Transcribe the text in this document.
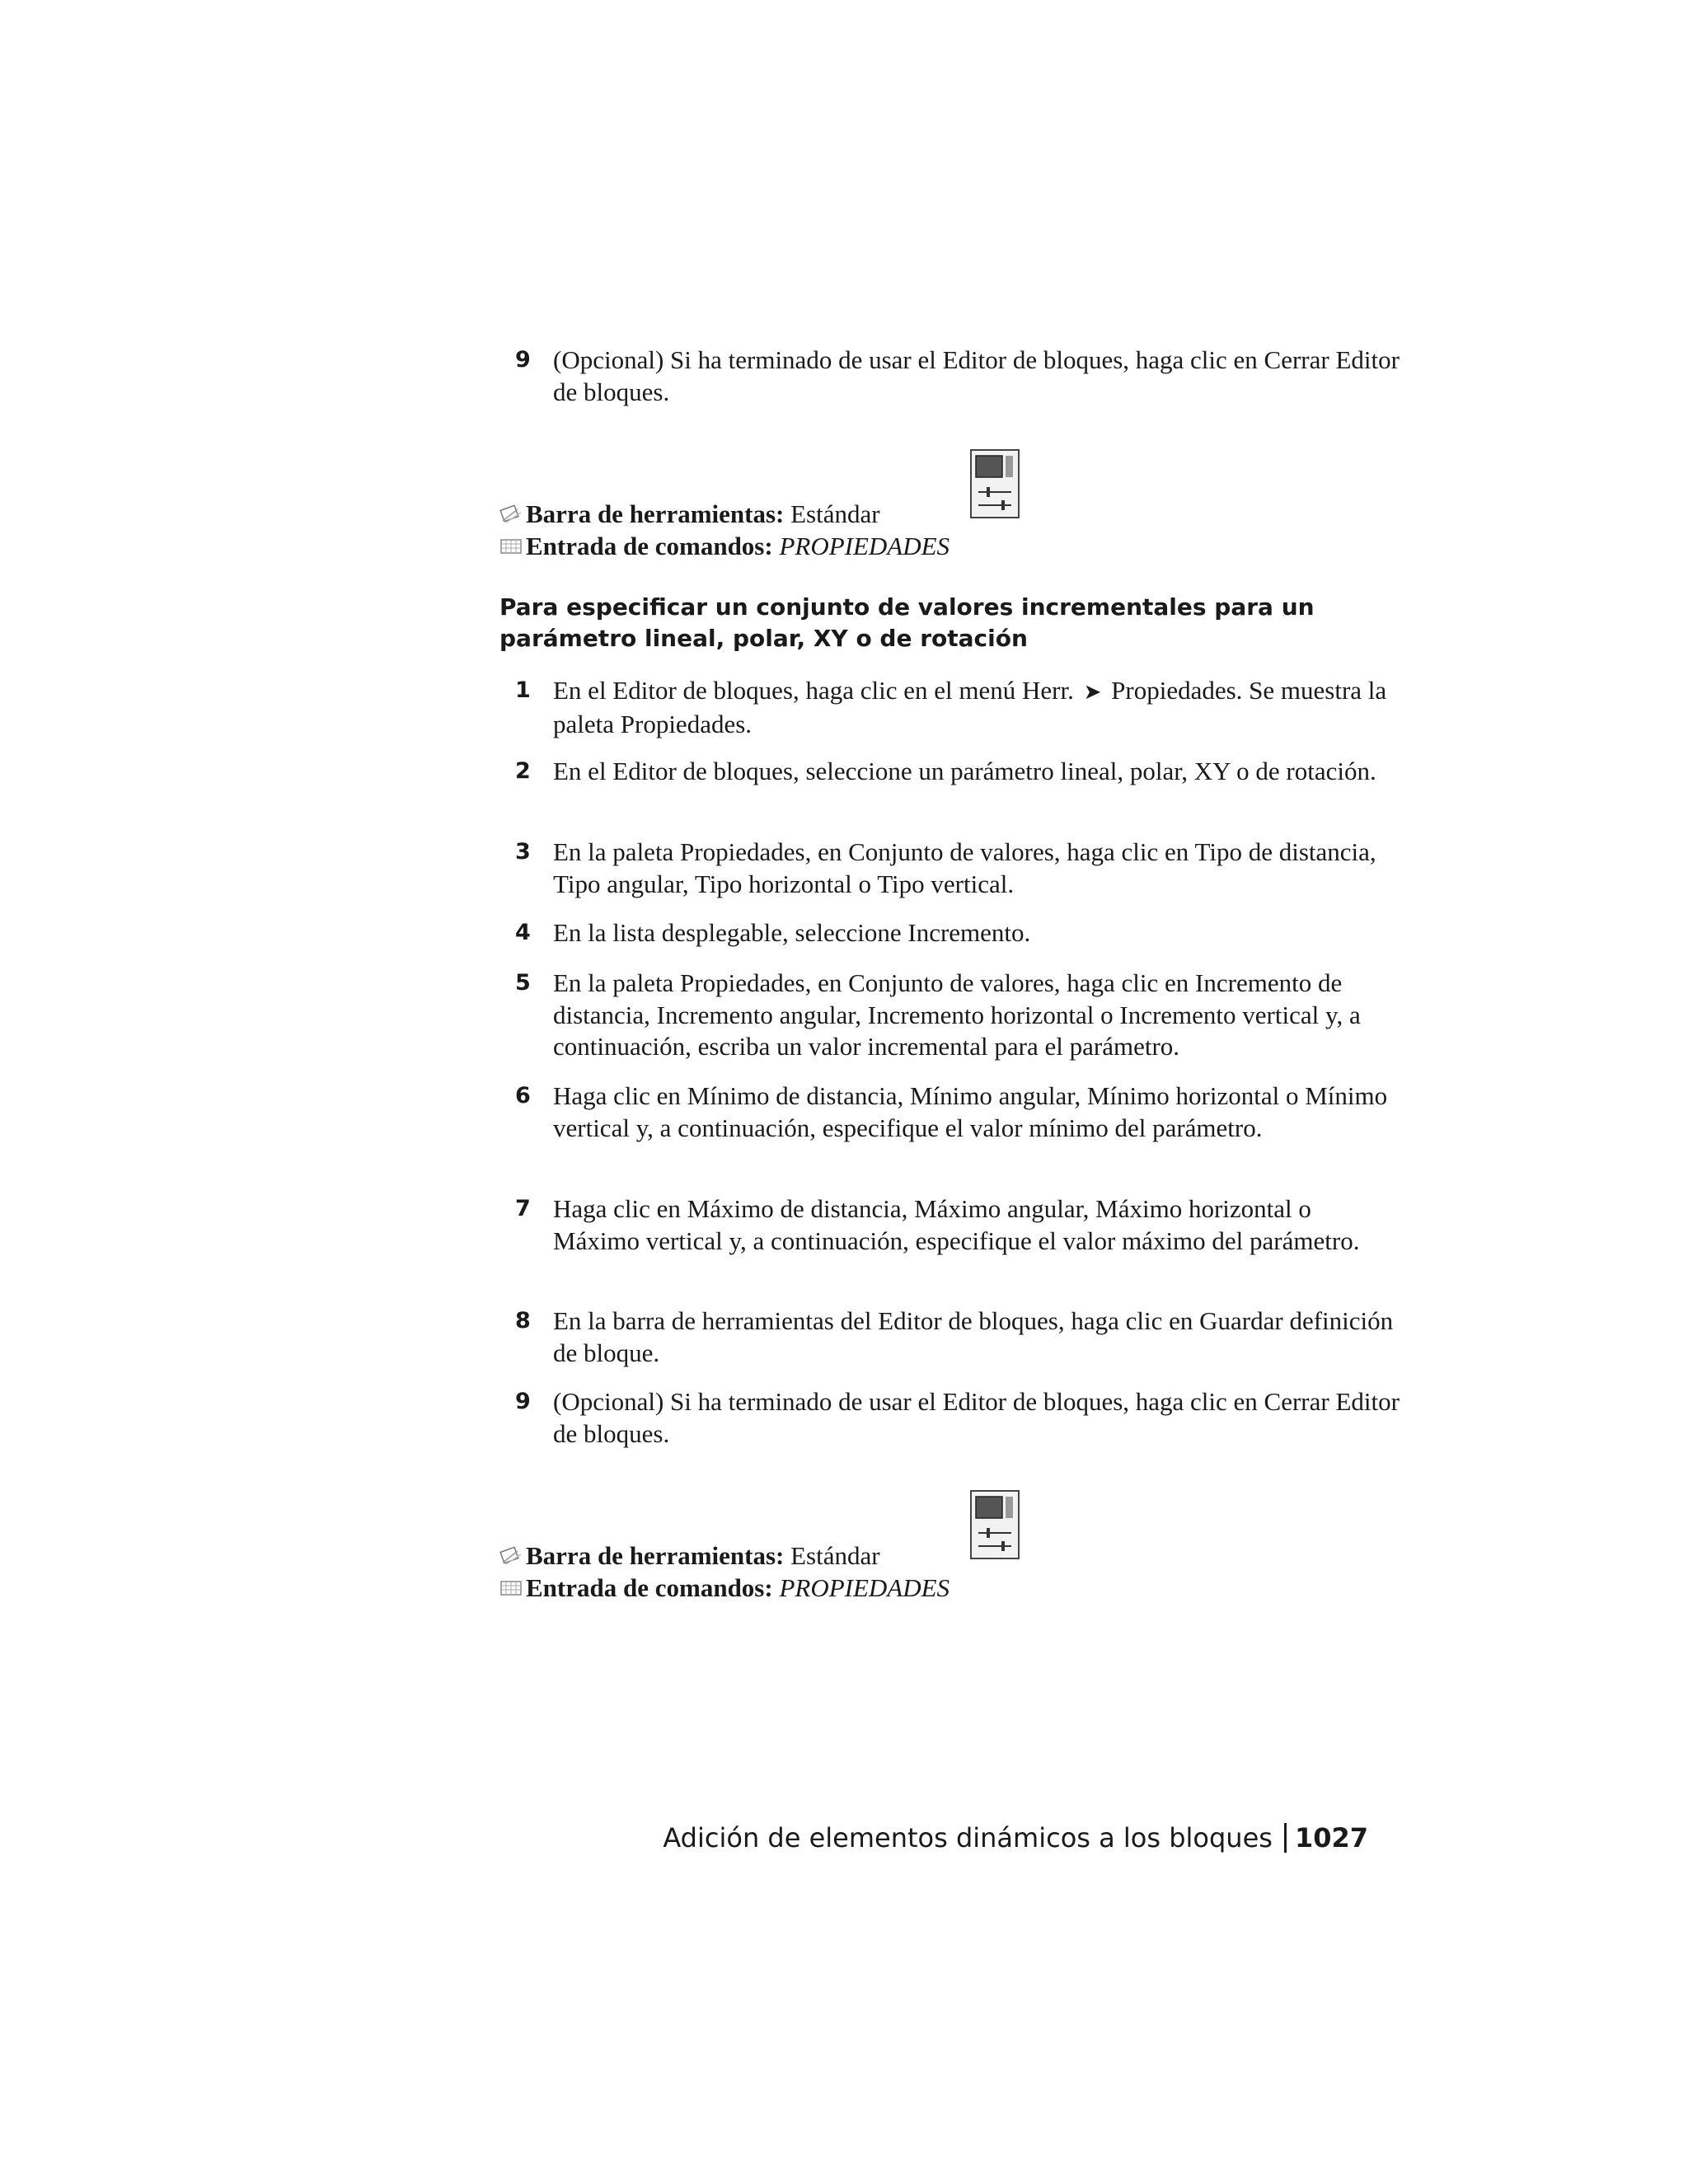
9 (Opcional) Si ha terminado de usar el Editor de bloques, haga clic en Cerrar Editor de bloques.
Barra de herramientas: Estándar
Entrada de comandos: PROPIEDADES
Para especificar un conjunto de valores incrementales para un parámetro lineal, polar, XY o de rotación
1 En el Editor de bloques, haga clic en el menú Herr. ➤ Propiedades. Se muestra la paleta Propiedades.
2 En el Editor de bloques, seleccione un parámetro lineal, polar, XY o de rotación.
3 En la paleta Propiedades, en Conjunto de valores, haga clic en Tipo de distancia, Tipo angular, Tipo horizontal o Tipo vertical.
4 En la lista desplegable, seleccione Incremento.
5 En la paleta Propiedades, en Conjunto de valores, haga clic en Incremento de distancia, Incremento angular, Incremento horizontal o Incremento vertical y, a continuación, escriba un valor incremental para el parámetro.
6 Haga clic en Mínimo de distancia, Mínimo angular, Mínimo horizontal o Mínimo vertical y, a continuación, especifique el valor mínimo del parámetro.
7 Haga clic en Máximo de distancia, Máximo angular, Máximo horizontal o Máximo vertical y, a continuación, especifique el valor máximo del parámetro.
8 En la barra de herramientas del Editor de bloques, haga clic en Guardar definición de bloque.
9 (Opcional) Si ha terminado de usar el Editor de bloques, haga clic en Cerrar Editor de bloques.
Barra de herramientas: Estándar
Entrada de comandos: PROPIEDADES
Adición de elementos dinámicos a los bloques 1027
